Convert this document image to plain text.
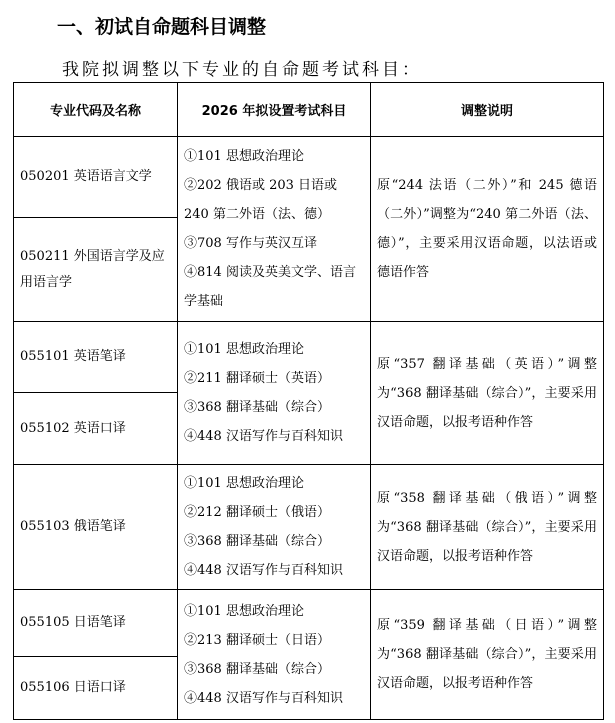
一、初试自命题科目调整
我院拟调整以下专业的自命题考试科目：
专业代码及名称	2026 年拟设置考试科目	调整说明
050201 英语语言文学	①101 思想政治理论
②202 俄语或 203 日语或 240 第二外语（法、德）
③708 写作与英汉互译
④814 阅读及英美文学、语言学基础	原“244 法语（二外）”和 245 德语（二外）”调整为“240 第二外语（法、德）”，主要采用汉语命题，以法语或德语作答
050211 外国语言学及应用语言学		
055101 英语笔译	①101 思想政治理论
②211 翻译硕士（英语）
③368 翻译基础（综合）
④448 汉语写作与百科知识	原“357 翻译基础（英语）”调整为“368 翻译基础（综合）”，主要采用汉语命题，以报考语种作答
055102 英语口译		
055103 俄语笔译	①101 思想政治理论
②212 翻译硕士（俄语）
③368 翻译基础（综合）
④448 汉语写作与百科知识	原“358 翻译基础（俄语）”调整为“368 翻译基础（综合）”，主要采用汉语命题，以报考语种作答
055105 日语笔译	①101 思想政治理论
②213 翻译硕士（日语）
③368 翻译基础（综合）
④448 汉语写作与百科知识	原“359 翻译基础（日语）”调整为“368 翻译基础（综合）”，主要采用汉语命题，以报考语种作答
055106 日语口译		
